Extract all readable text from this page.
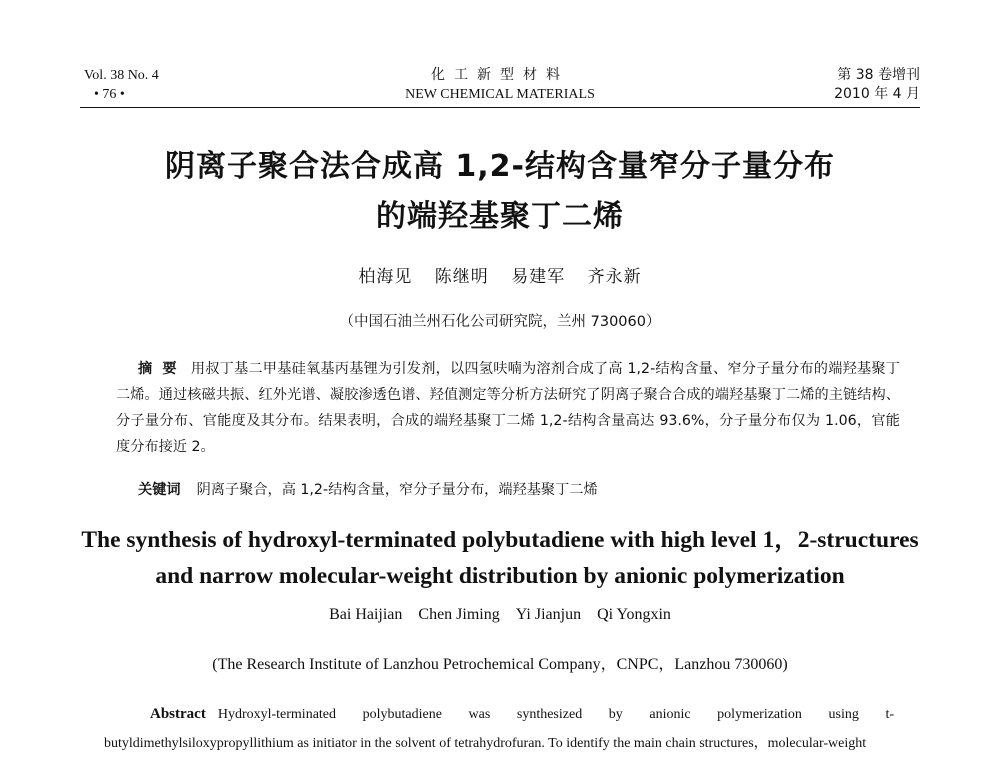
Vol. 38 No. 4
• 76 •
化工新型材料
NEW CHEMICAL MATERIALS
第 38 卷增刊
2010 年 4 月
阴离子聚合法合成高 1,2-结构含量窄分子量分布
的端羟基聚丁二烯
柏海见 陈继明 易建军 齐永新
（中国石油兰州石化公司研究院，兰州 730060）
摘要 用叔丁基二甲基硅氧基丙基锂为引发剂，以四氢呋喃为溶剂合成了高 1,2-结构含量、窄分子量分布的端羟基聚丁二烯。通过核磁共振、红外光谱、凝胶渗透色谱、羟值测定等分析方法研究了阴离子聚合合成的端羟基聚丁二烯的主链结构、分子量分布、官能度及其分布。结果表明，合成的端羟基聚丁二烯 1,2-结构含量高达 93.6%，分子量分布仅为 1.06，官能度分布接近 2。
关键词 阴离子聚合，高 1,2-结构含量，窄分子量分布，端羟基聚丁二烯
The synthesis of hydroxyl-terminated polybutadiene with high level 1，2-structures
and narrow molecular-weight distribution by anionic polymerization
Bai Haijian Chen Jiming Yi Jianjun Qi Yongxin
(The Research Institute of Lanzhou Petrochemical Company，CNPC，Lanzhou 730060)
Abstract Hydroxyl-terminated polybutadiene was synthesized by anionic polymerization using t-butyldimethylsiloxypropyllithium as initiator in the solvent of tetrahydrofuran. To identify the main chain structures，molecular-weight
